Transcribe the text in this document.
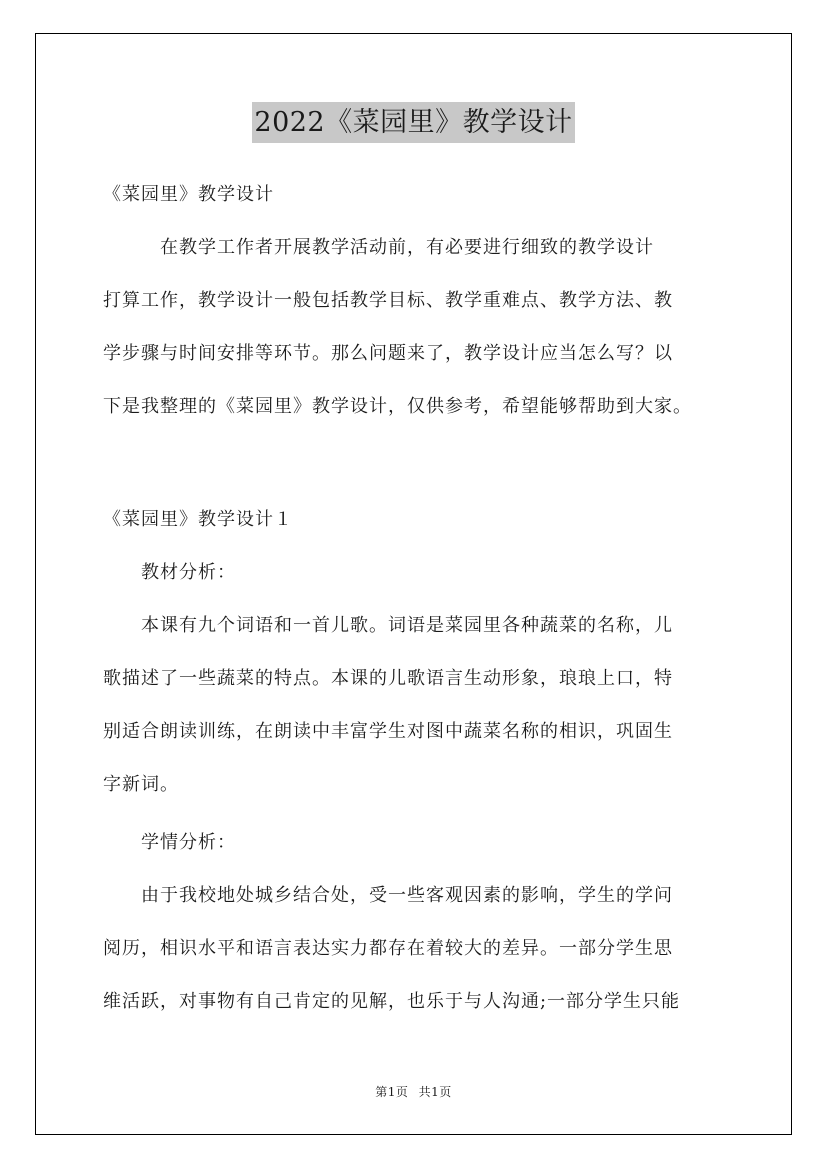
2022《菜园里》教学设计
《菜园里》教学设计
　　　在教学工作者开展教学活动前，有必要进行细致的教学设计
打算工作，教学设计一般包括教学目标、教学重难点、教学方法、教
学步骤与时间安排等环节。那么问题来了，教学设计应当怎么写？以
下是我整理的《菜园里》教学设计，仅供参考，希望能够帮助到大家。
《菜园里》教学设计１
　　教材分析：
　　本课有九个词语和一首儿歌。词语是菜园里各种蔬菜的名称，儿
歌描述了一些蔬菜的特点。本课的儿歌语言生动形象，琅琅上口，特
别适合朗读训练，在朗读中丰富学生对图中蔬菜名称的相识，巩固生
字新词。
　　学情分析：
　　由于我校地处城乡结合处，受一些客观因素的影响，学生的学问
阅历，相识水平和语言表达实力都存在着较大的差异。一部分学生思
维活跃，对事物有自己肯定的见解，也乐于与人沟通;一部分学生只能
第1页 共1页
